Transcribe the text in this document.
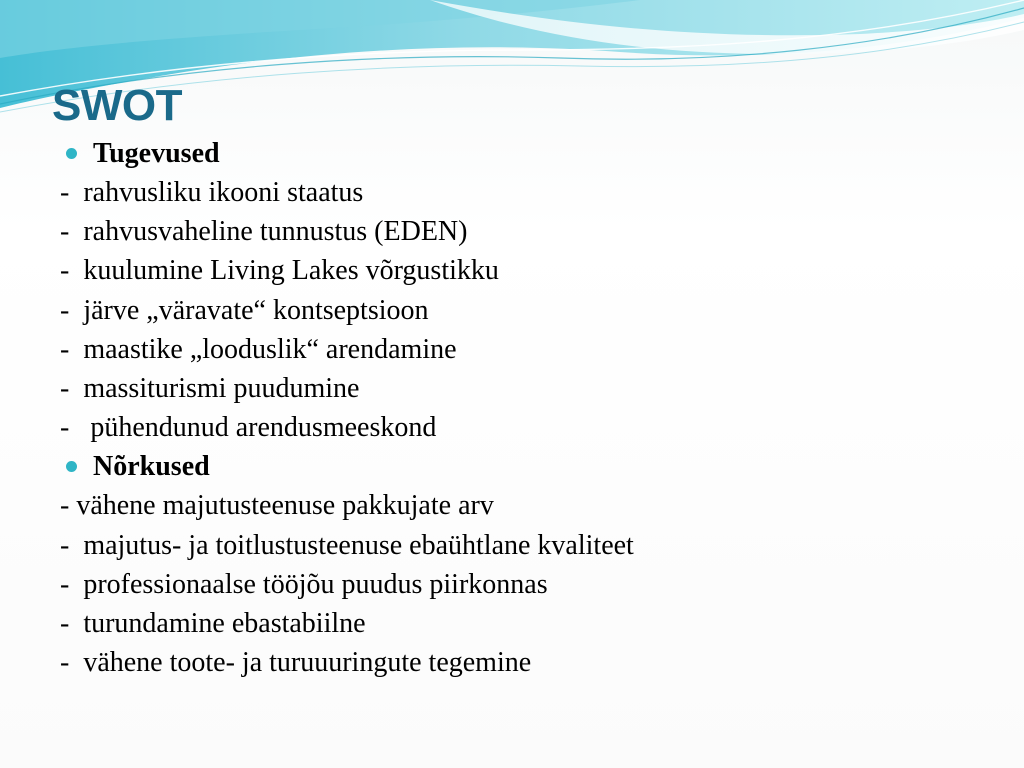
SWOT
Tugevused
-  rahvusliku ikooni staatus
-  rahvusvaheline tunnustus (EDEN)
-  kuulumine Living Lakes võrgustikku
-  järve „väravate“ kontseptsioon
-  maastike „looduslik“ arendamine
-  massiturismi puudumine
-   pühendunud arendusmeeskond
Nõrkused
- vähene majutusteenuse pakkujate arv
-  majutus- ja toitlustusteenuse ebaühtlane kvaliteet
-  professionaalse tööjõu puudus piirkonnas
-  turundamine ebastabiilne
-  vähene toote- ja turuuuringute tegemine
